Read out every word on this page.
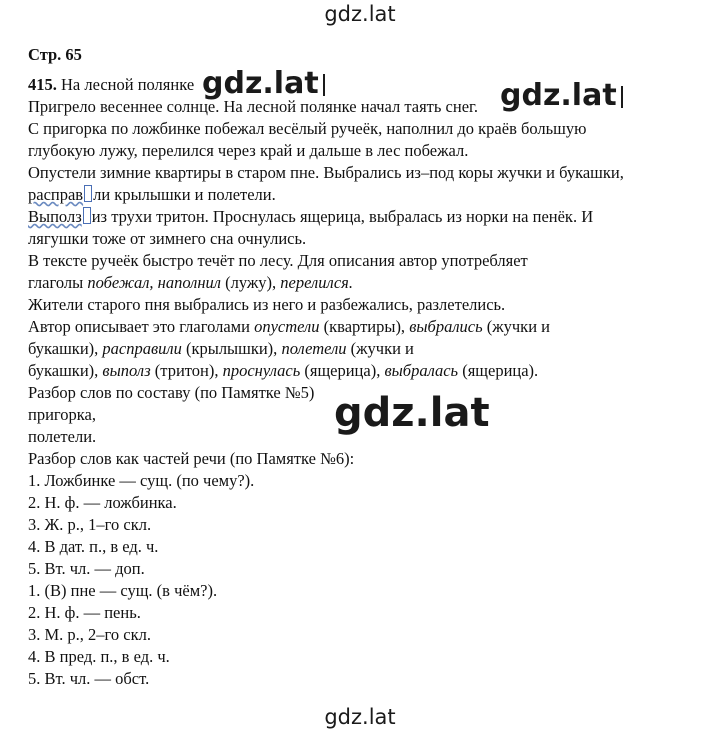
gdz.lat
Стр. 65
415. На лесной полянке
Пригрело весеннее солнце. На лесной полянке начал таять снег.
С пригорка по ложбинке побежал весёлый ручеёк, наполнил до краёв большую
глубокую лужу, перелился через край и дальше в лес побежал.
Опустели зимние квартиры в старом пне. Выбрались из–под коры жучки и букашки,
расправ ли крылышки и полетели.
Выполз из трухи тритон. Проснулась ящерица, выбралась из норки на пенёк. И
лягушки тоже от зимнего сна очнулись.
В тексте ручеёк быстро течёт по лесу. Для описания автор употребляет
глаголы побежал, наполнил (лужу), перелился.
Жители старого пня выбрались из него и разбежались, разлетелись.
Автор описывает это глаголами опустели (квартиры), выбрались (жучки и
букашки), расправили (крылышки), полетели (жучки и
букашки), выполз (тритон), проснулась (ящерица), выбралась (ящерица).
Разбор слов по составу (по Памятке №5)
пригорка,
полетели.
Разбор слов как частей речи (по Памятке №6):
1. Ложбинке — сущ. (по чему?).
2. Н. ф. — ложбинка.
3. Ж. р., 1–го скл.
4. В дат. п., в ед. ч.
5. Вт. чл. — доп.
1. (В) пне — сущ. (в чём?).
2. Н. ф. — пень.
3. М. р., 2–го скл.
4. В пред. п., в ед. ч.
5. Вт. чл. — обст.
gdz.lat	gdz.lat
gdz.lat
gdz.lat
